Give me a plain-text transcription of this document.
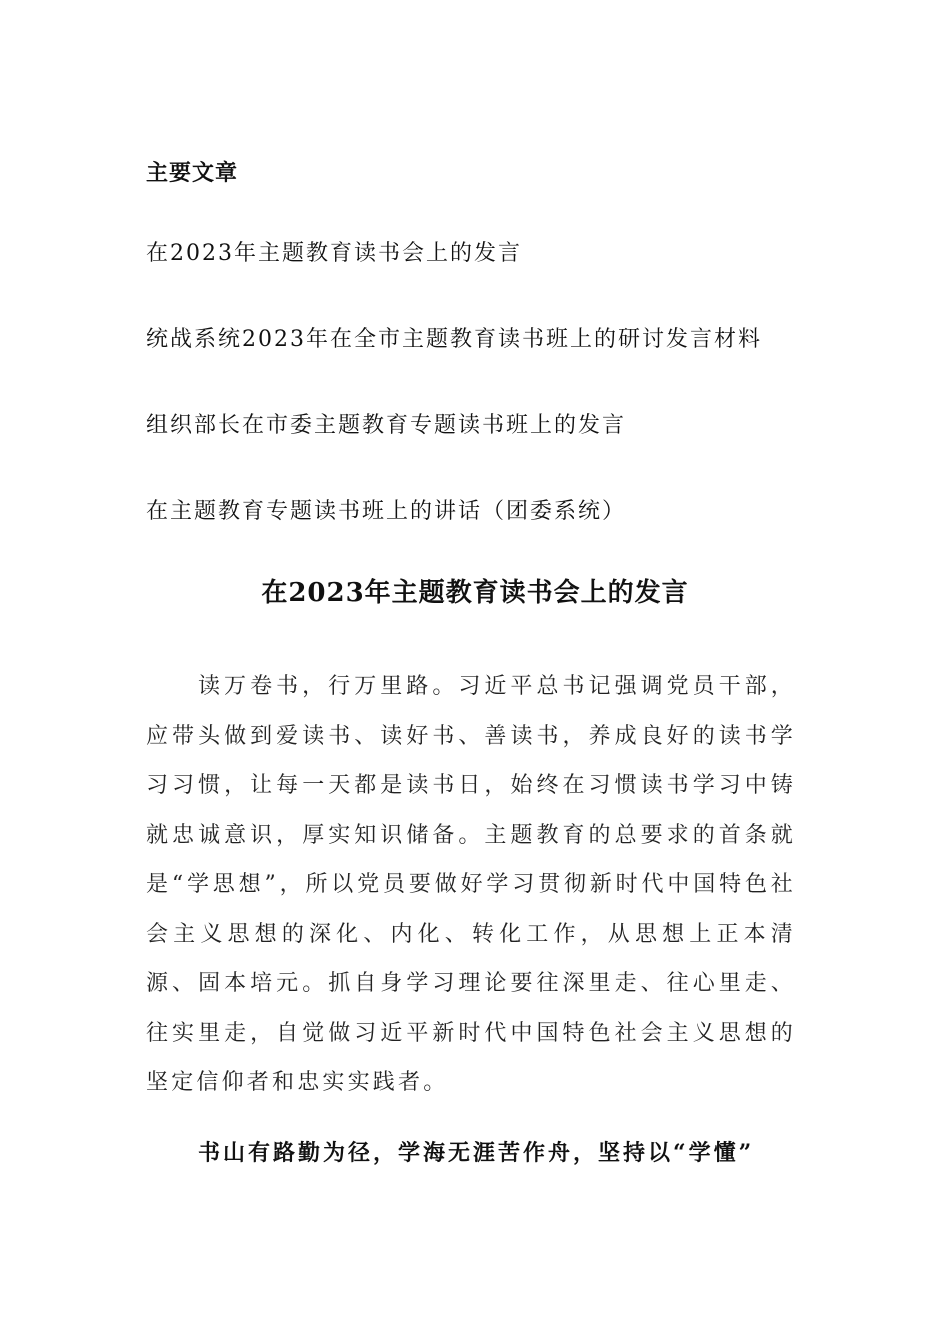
主要文章
在2023年主题教育读书会上的发言
统战系统2023年在全市主题教育读书班上的研讨发言材料
组织部长在市委主题教育专题读书班上的发言
在主题教育专题读书班上的讲话（团委系统）
在2023年主题教育读书会上的发言

读万卷书，行万里路。习近平总书记强调党员干部，应带头做到爱读书、读好书、善读书，养成良好的读书学习习惯，让每一天都是读书日，始终在习惯读书学习中铸就忠诚意识，厚实知识储备。主题教育的总要求的首条就是“学思想”，所以党员要做好学习贯彻新时代中国特色社会主义思想的深化、内化、转化工作，从思想上正本清源、固本培元。抓自身学习理论要往深里走、往心里走、往实里走，自觉做习近平新时代中国特色社会主义思想的坚定信仰者和忠实实践者。

书山有路勤为径，学海无涯苦作舟，坚持以“学懂”
